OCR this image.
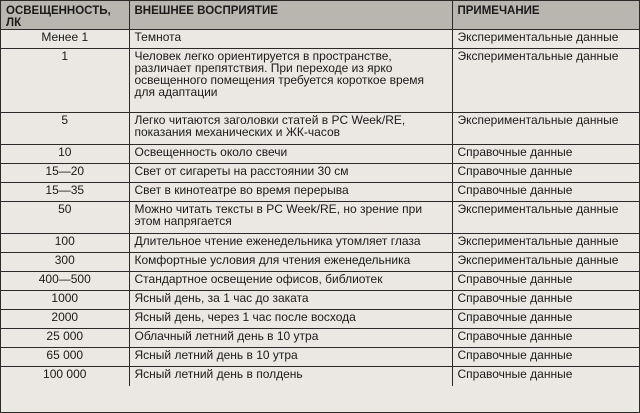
ОСВЕЩЕННОСТЬ, ЛК	ВНЕШНЕЕ ВОСПРИЯТИЕ	ПРИМЕЧАНИЕ
Менее 1	Темнота	Экспериментальные данные
1	Человек легко ориентируется в пространстве, различает препятствия. При переходе из ярко освещенного помещения требуется короткое время для адаптации	Экспериментальные данные
5	Легко читаются заголовки статей в PC Week/RE, показания механических и ЖК-часов	Экспериментальные данные
10	Освещенность около свечи	Справочные данные
15—20	Свет от сигареты на расстоянии 30 см	Справочные данные
15—35	Свет в кинотеатре во время перерыва	Справочные данные
50	Можно читать тексты в PC Week/RE, но зрение при этом напрягается	Экспериментальные данные
100	Длительное чтение еженедельника утомляет глаза	Экспериментальные данные
300	Комфортные условия для чтения еженедельника	Экспериментальные данные
400—500	Стандартное освещение офисов, библиотек	Справочные данные
1000	Ясный день, за 1 час до заката	Справочные данные
2000	Ясный день, через 1 час после восхода	Справочные данные
25 000	Облачный летний день в 10 утра	Справочные данные
65 000	Ясный летний день в 10 утра	Справочные данные
100 000	Ясный летний день в полдень	Справочные данные
